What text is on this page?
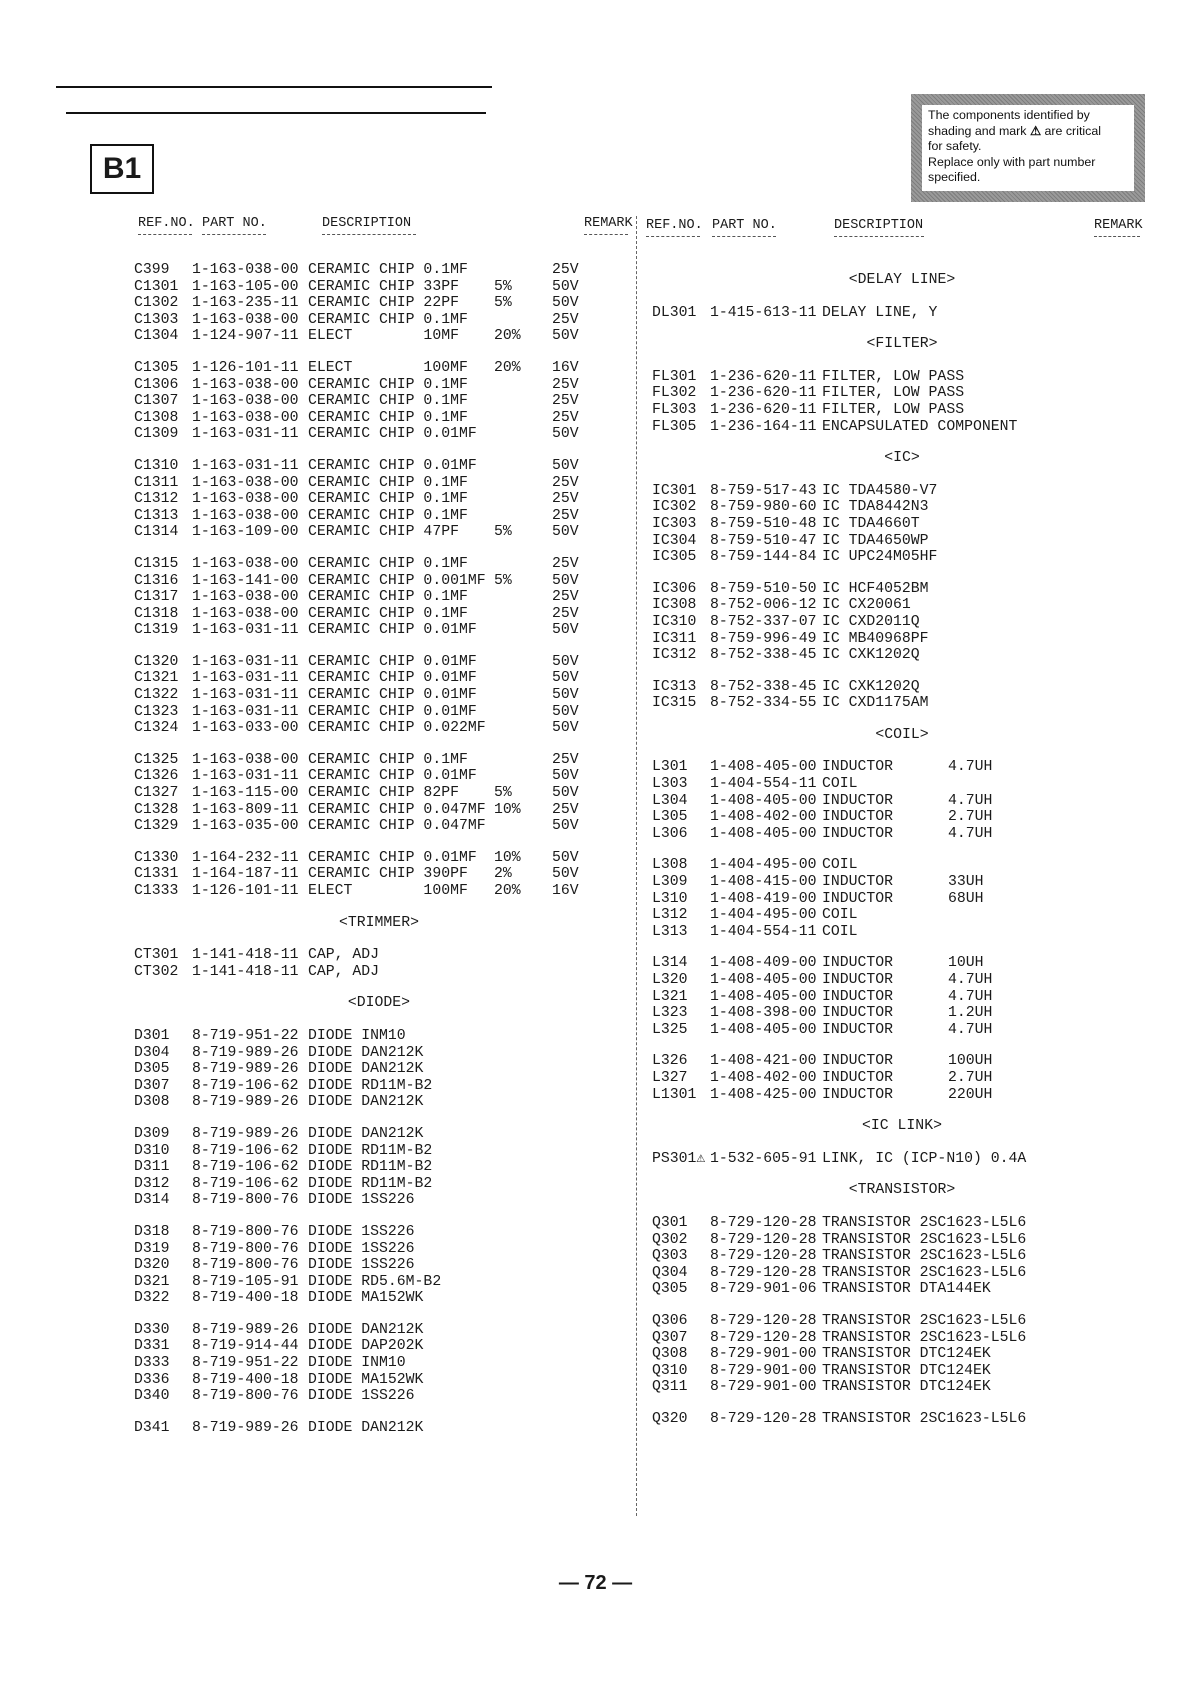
B1
The components identified by
shading and mark ⚠ are critical
for safety.
Replace only with part number
specified.
REF.NO. PART NO.	DESCRIPTION	REMARK REF.NO. PART NO.	DESCRIPTION	REMARK
C399	1-163-038-00 CERAMIC CHIP 0.1MF	25V
C1301 1-163-105-00 CERAMIC CHIP 33PF	5%	50V
C1302 1-163-235-11 CERAMIC CHIP 22PF	5%	50V
C1303 1-163-038-00 CERAMIC CHIP 0.1MF	25V
C1304 1-124-907-11 ELECT        10MF	20%	50V
C1305 1-126-101-11 ELECT        100MF	20%	16V
C1306 1-163-038-00 CERAMIC CHIP 0.1MF	25V
C1307 1-163-038-00 CERAMIC CHIP 0.1MF	25V
C1308 1-163-038-00 CERAMIC CHIP 0.1MF	25V
C1309 1-163-031-11 CERAMIC CHIP 0.01MF	50V
C1310 1-163-031-11 CERAMIC CHIP 0.01MF	50V
C1311 1-163-038-00 CERAMIC CHIP 0.1MF	25V
C1312 1-163-038-00 CERAMIC CHIP 0.1MF	25V
C1313 1-163-038-00 CERAMIC CHIP 0.1MF	25V
C1314 1-163-109-00 CERAMIC CHIP 47PF	5%	50V
C1315 1-163-038-00 CERAMIC CHIP 0.1MF	25V
C1316 1-163-141-00 CERAMIC CHIP 0.001MF 5%	50V
C1317 1-163-038-00 CERAMIC CHIP 0.1MF	25V
C1318 1-163-038-00 CERAMIC CHIP 0.1MF	25V
C1319 1-163-031-11 CERAMIC CHIP 0.01MF	50V
C1320 1-163-031-11 CERAMIC CHIP 0.01MF	50V
C1321 1-163-031-11 CERAMIC CHIP 0.01MF	50V
C1322 1-163-031-11 CERAMIC CHIP 0.01MF	50V
C1323 1-163-031-11 CERAMIC CHIP 0.01MF	50V
C1324 1-163-033-00 CERAMIC CHIP 0.022MF	50V
C1325 1-163-038-00 CERAMIC CHIP 0.1MF	25V
C1326 1-163-031-11 CERAMIC CHIP 0.01MF	50V
C1327 1-163-115-00 CERAMIC CHIP 82PF	5%	50V
C1328 1-163-809-11 CERAMIC CHIP 0.047MF 10%	25V
C1329 1-163-035-00 CERAMIC CHIP 0.047MF	50V
C1330 1-164-232-11 CERAMIC CHIP 0.01MF	10%	50V
C1331 1-164-187-11 CERAMIC CHIP 390PF	2%	50V
C1333 1-126-101-11 ELECT        100MF	20%	16V
<TRIMMER>
CT301 1-141-418-11 CAP, ADJ
CT302 1-141-418-11 CAP, ADJ
<DIODE>
D301	8-719-951-22 DIODE INM10
D304	8-719-989-26 DIODE DAN212K
D305	8-719-989-26 DIODE DAN212K
D307	8-719-106-62 DIODE RD11M-B2
D308	8-719-989-26 DIODE DAN212K
D309	8-719-989-26 DIODE DAN212K
D310	8-719-106-62 DIODE RD11M-B2
D311	8-719-106-62 DIODE RD11M-B2
D312	8-719-106-62 DIODE RD11M-B2
D314	8-719-800-76 DIODE 1SS226
D318	8-719-800-76 DIODE 1SS226
D319	8-719-800-76 DIODE 1SS226
D320	8-719-800-76 DIODE 1SS226
D321	8-719-105-91 DIODE RD5.6M-B2
D322	8-719-400-18 DIODE MA152WK
D330	8-719-989-26 DIODE DAN212K
D331	8-719-914-44 DIODE DAP202K
D333	8-719-951-22 DIODE INM10
D336	8-719-400-18 DIODE MA152WK
D340	8-719-800-76 DIODE 1SS226
D341	8-719-989-26 DIODE DAN212K
<DELAY LINE>
DL301 1-415-613-11 DELAY LINE, Y
<FILTER>
FL301 1-236-620-11 FILTER, LOW PASS
FL302 1-236-620-11 FILTER, LOW PASS
FL303 1-236-620-11 FILTER, LOW PASS
FL305 1-236-164-11 ENCAPSULATED COMPONENT
<IC>
IC301 8-759-517-43 IC TDA4580-V7
IC302 8-759-980-60 IC TDA8442N3
IC303 8-759-510-48 IC TDA4660T
IC304 8-759-510-47 IC TDA4650WP
IC305 8-759-144-84 IC UPC24M05HF
IC306 8-759-510-50 IC HCF4052BM
IC308 8-752-006-12 IC CX20061
IC310 8-752-337-07 IC CXD2011Q
IC311 8-759-996-49 IC MB40968PF
IC312 8-752-338-45 IC CXK1202Q
IC313 8-752-338-45 IC CXK1202Q
IC315 8-752-334-55 IC CXD1175AM
<COIL>
L301	1-408-405-00 INDUCTOR	4.7UH
L303	1-404-554-11 COIL
L304	1-408-405-00 INDUCTOR	4.7UH
L305	1-408-402-00 INDUCTOR	2.7UH
L306	1-408-405-00 INDUCTOR	4.7UH
L308	1-404-495-00 COIL
L309	1-408-415-00 INDUCTOR	33UH
L310	1-408-419-00 INDUCTOR	68UH
L312	1-404-495-00 COIL
L313	1-404-554-11 COIL
L314	1-408-409-00 INDUCTOR	10UH
L320	1-408-405-00 INDUCTOR	4.7UH
L321	1-408-405-00 INDUCTOR	4.7UH
L323	1-408-398-00 INDUCTOR	1.2UH
L325	1-408-405-00 INDUCTOR	4.7UH
L326	1-408-421-00 INDUCTOR	100UH
L327	1-408-402-00 INDUCTOR	2.7UH
L1301 1-408-425-00 INDUCTOR	220UH
<IC LINK>
PS301⚠ 1-532-605-91 LINK, IC (ICP-N10) 0.4A
<TRANSISTOR>
Q301	8-729-120-28 TRANSISTOR 2SC1623-L5L6
Q302	8-729-120-28 TRANSISTOR 2SC1623-L5L6
Q303	8-729-120-28 TRANSISTOR 2SC1623-L5L6
Q304	8-729-120-28 TRANSISTOR 2SC1623-L5L6
Q305	8-729-901-06 TRANSISTOR DTA144EK
Q306	8-729-120-28 TRANSISTOR 2SC1623-L5L6
Q307	8-729-120-28 TRANSISTOR 2SC1623-L5L6
Q308	8-729-901-00 TRANSISTOR DTC124EK
Q310	8-729-901-00 TRANSISTOR DTC124EK
Q311	8-729-901-00 TRANSISTOR DTC124EK
Q320	8-729-120-28 TRANSISTOR 2SC1623-L5L6
— 72 —
